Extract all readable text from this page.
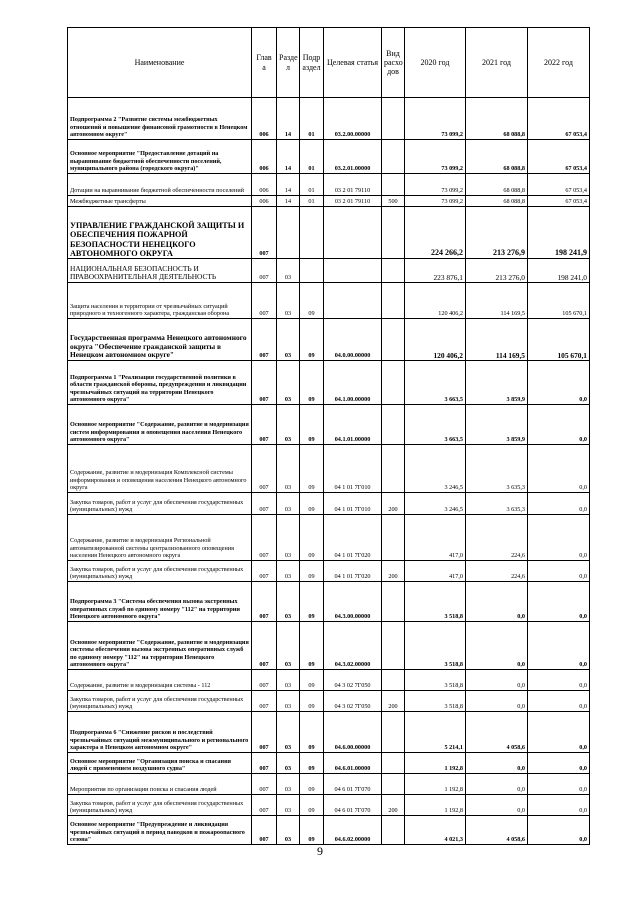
Наименование	Глав а	Разде л	Подр аздел	Целевая статья	Вид расхо дов	2020 год	2021 год	2022 год
Подпрограмма 2 "Развитие системы межбюджетных отношений и повышение финансовой грамотности в Ненецком автономном округе"	006	14	01	03.2.00.00000		73 099,2	68 088,8	67 053,4
Основное мероприятие "Предоставление дотаций на выравнивание бюджетной обеспеченности поселений, муниципального района (городского округа)"	006	14	01	03.2.01.00000		73 099,2	68 088,8	67 053,4
Дотации на выравнивание бюджетной обеспеченности поселений	006	14	01	03 2 01 79110		73 099,2	68 088,8	67 053,4
Межбюджетные трансферты	006	14	01	03 2 01 79110	500	73 099,2	68 088,8	67 053,4
УПРАВЛЕНИЕ ГРАЖДАНСКОЙ ЗАЩИТЫ И ОБЕСПЕЧЕНИЯ ПОЖАРНОЙ БЕЗОПАСНОСТИ НЕНЕЦКОГО АВТОНОМНОГО ОКРУГА	007					224 266,2	213 276,9	198 241,9
НАЦИОНАЛЬНАЯ БЕЗОПАСНОСТЬ И ПРАВООХРАНИТЕЛЬНАЯ ДЕЯТЕЛЬНОСТЬ	007	03				223 876,1	213 276,0	198 241,0
Защита населения и территории от чрезвычайных ситуаций природного и техногенного характера, гражданская оборона	007	03	09			120 406,2	114 169,5	105 670,1
Государственная программа Ненецкого автономного округа "Обеспечение гражданской защиты в Ненецком автономном округе"	007	03	09	04.0.00.00000		120 406,2	114 169,5	105 670,1
Подпрограмма 1 "Реализация государственной политики в области гражданской обороны, предупреждения и ликвидации чрезвычайных ситуаций на территории Ненецкого автономного округа"	007	03	09	04.1.00.00000		3 663,5	3 859,9	0,0
Основное мероприятие "Содержание, развитие и модернизация систем информирования и оповещения населения Ненецкого автономного округа"	007	03	09	04.1.01.00000		3 663,5	3 859,9	0,0
Содержание, развитие и модернизация Комплексной системы информирования и оповещения населения Ненецкого автономного округа	007	03	09	04 1 01 7Г010		3 246,5	3 635,3	0,0
Закупка товаров, работ и услуг для обеспечения государственных (муниципальных) нужд	007	03	09	04 1 01 7Г010	200	3 246,5	3 635,3	0,0
Содержание, развитие и модернизация Региональной автоматизированной системы централизованного оповещения населения Ненецкого автономного округа	007	03	09	04 1 01 7Г020		417,0	224,6	0,0
Закупка товаров, работ и услуг для обеспечения государственных (муниципальных) нужд	007	03	09	04 1 01 7Г020	200	417,0	224,6	0,0
Подпрограмма 3 "Система обеспечения вызова экстренных оперативных служб по единому номеру "112" на территории Ненецкого автономного округа"	007	03	09	04.3.00.00000		3 518,8	0,0	0,0
Основное мероприятие "Содержание, развитие и модернизация системы обеспечения вызова экстренных оперативных служб по единому номеру "112" на территории Ненецкого автономного округа"	007	03	09	04.3.02.00000		3 518,8	0,0	0,0
Содержание, развитие и модернизация системы - 112	007	03	09	04 3 02 7Г050		3 518,8	0,0	0,0
Закупка товаров, работ и услуг для обеспечения государственных (муниципальных) нужд	007	03	09	04 3 02 7Г050	200	3 518,8	0,0	0,0
Подпрограмма 6 "Снижение рисков и последствий чрезвычайных ситуаций межмуниципального и регионального характера в Ненецком автономном округе"	007	03	09	04.6.00.00000		5 214,1	4 058,6	0,0
Основное мероприятие "Организация поиска и спасания людей с применением воздушного судна"	007	03	09	04.6.01.00000		1 192,8	0,0	0,0
Мероприятия по организации поиска и спасания людей	007	03	09	04 6 01 7Г070		1 192,8	0,0	0,0
Закупка товаров, работ и услуг для обеспечения государственных (муниципальных) нужд	007	03	09	04 6 01 7Г070	200	1 192,8	0,0	0,0
Основное мероприятие "Предупреждение и ликвидация чрезвычайных ситуаций в период паводков и пожароопасного сезона"	007	03	09	04.6.02.00000		4 021,3	4 058,6	0,0
9
